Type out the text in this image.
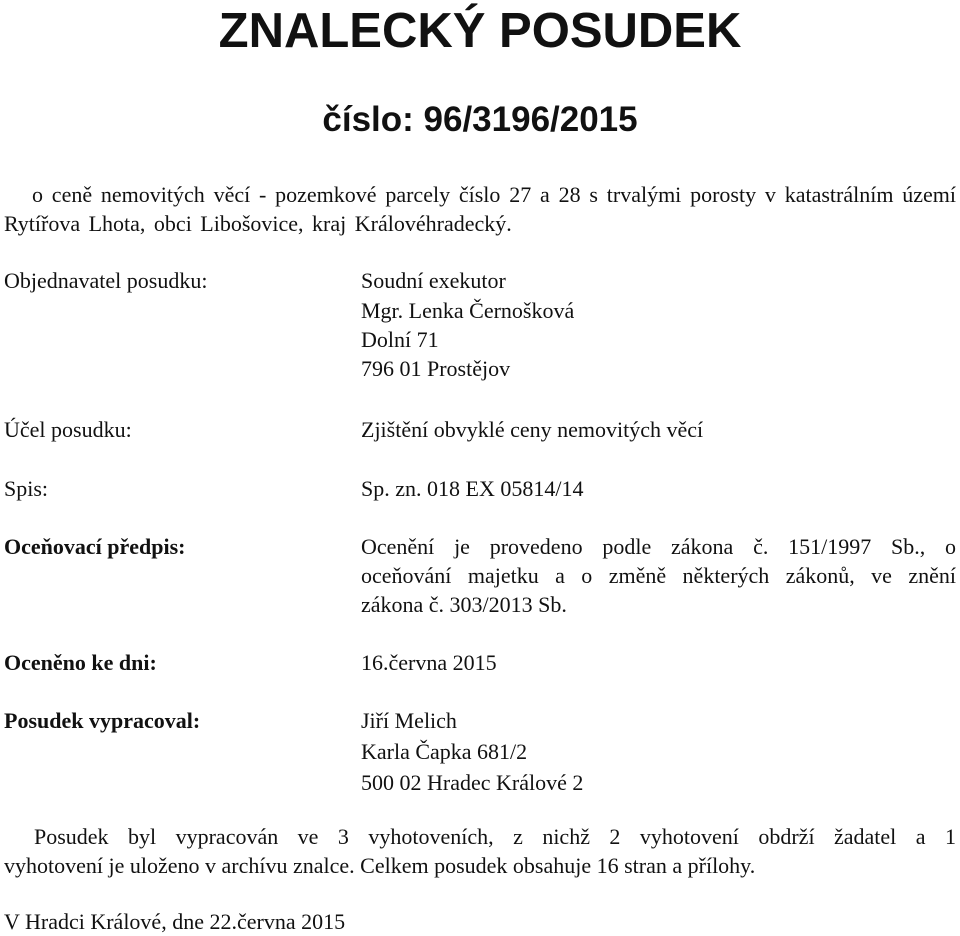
ZNALECKÝ POSUDEK
číslo: 96/3196/2015
o ceně nemovitých věcí - pozemkové parcely číslo 27 a 28 s trvalými porosty v katastrálním území Rytířova Lhota, obci Libošovice, kraj Královéhradecký.
Objednavatel posudku:	Soudní exekutor
Mgr. Lenka Černošková
Dolní 71
796 01 Prostějov
Účel posudku:	Zjištění obvyklé ceny nemovitých věcí
Spis:	Sp. zn. 018 EX 05814/14
Oceňovací předpis:	Ocenění je provedeno podle zákona č. 151/1997 Sb., o
oceňování majetku a o změně některých zákonů, ve znění
zákona č. 303/2013 Sb.
Oceněno ke dni:	16.června 2015
Posudek vypracoval:	Jiří Melich
Karla Čapka 681/2
500 02 Hradec Králové 2
Posudek byl vypracován ve 3 vyhotoveních, z nichž 2 vyhotovení obdrží žadatel a 1
vyhotovení je uloženo v archívu znalce. Celkem posudek obsahuje 16 stran a přílohy.
V Hradci Králové, dne 22.června 2015
